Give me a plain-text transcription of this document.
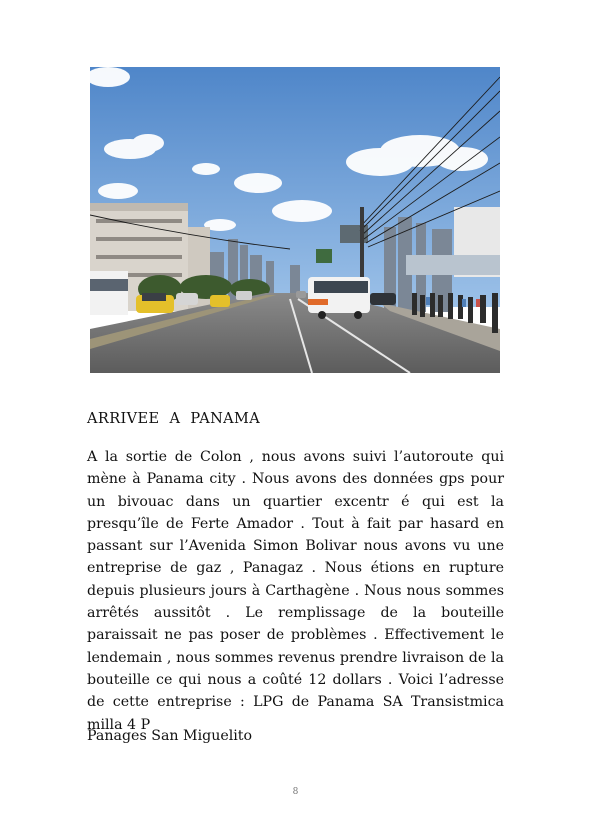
ARRIVEE  A  PANAMA

A la sortie de Colon , nous avons suivi l’autoroute qui mène à Panama city . Nous avons des données gps pour un bivouac dans un quartier excentr é qui est la presqu’île de Ferte Amador . Tout à fait par hasard en passant sur l’Avenida Simon Bolivar nous avons vu une entreprise de gaz , Panagaz . Nous étions en rupture depuis plusieurs jours à Carthagène . Nous nous sommes arrêtés aussitôt . Le remplissage de la bouteille paraissait ne pas poser de problèmes . Effectivement le lendemain , nous sommes revenus prendre livraison de la bouteille ce qui nous a coûté 12 dollars . Voici l’adresse de cette entreprise : LPG de Panama SA Transistmica milla 4 P

Panages San Miguelito

8
